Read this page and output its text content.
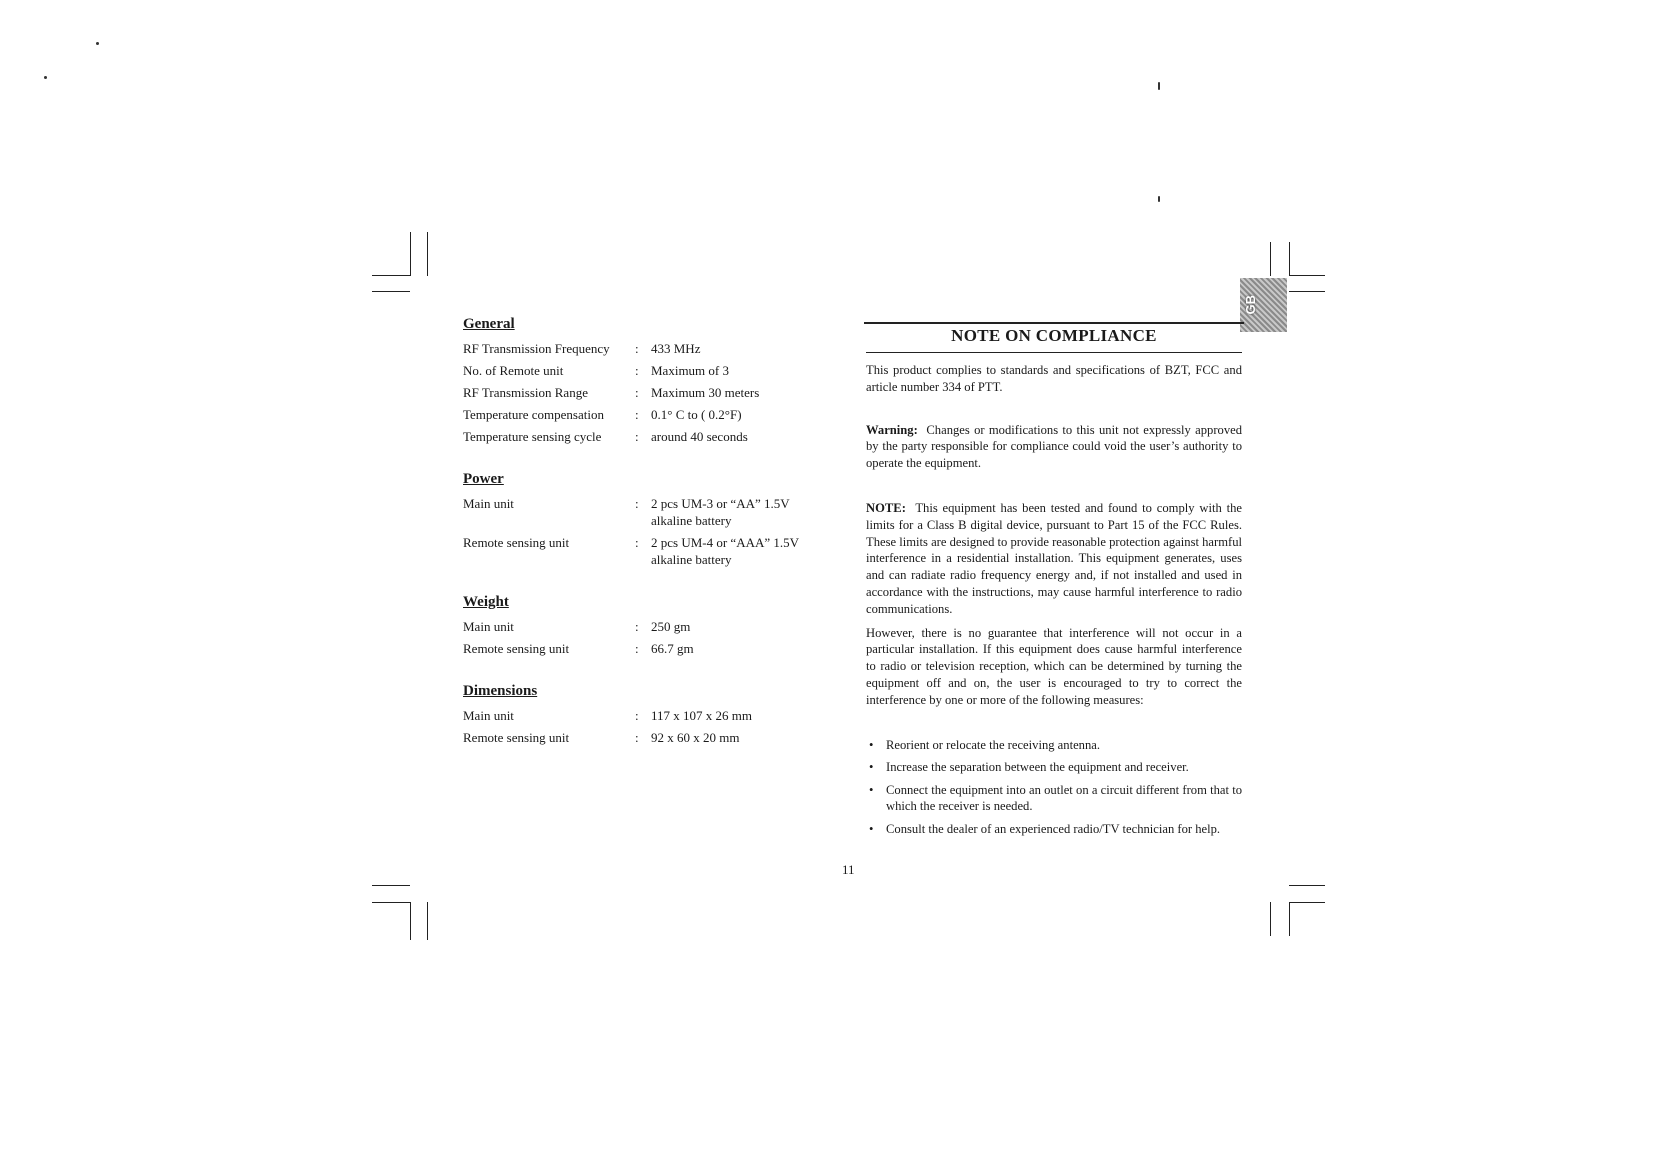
GB
General
RF Transmission Frequency	: 433 MHz
No. of Remote unit	: Maximum of 3
RF Transmission Range	: Maximum 30 meters
Temperature compensation	: 0.1° C to ( 0.2°F)
Temperature sensing cycle	: around 40 seconds
Power
Main unit	: 2 pcs UM-3 or “AA” 1.5V
alkaline battery
Remote sensing unit	: 2 pcs UM-4 or “AAA” 1.5V
alkaline battery
Weight
Main unit	: 250 gm
Remote sensing unit	: 66.7 gm
Dimensions
Main unit	: 117 x 107 x 26 mm
Remote sensing unit	: 92 x 60 x 20 mm
NOTE ON COMPLIANCE

This product complies to standards and specifications of BZT, FCC and article number 334 of PTT.

Warning: Changes or modifications to this unit not expressly approved by the party responsible for compliance could void the user’s authority to operate the equipment.

NOTE: This equipment has been tested and found to comply with the limits for a Class B digital device, pursuant to Part 15 of the FCC Rules. These limits are designed to provide reasonable protection against harmful interference in a residential installation. This equipment generates, uses and can radiate radio frequency energy and, if not installed and used in accordance with the instructions, may cause harmful interference to radio communications.

However, there is no guarantee that interference will not occur in a particular installation. If this equipment does cause harmful interference to radio or television reception, which can be determined by turning the equipment off and on, the user is encouraged to try to correct the interference by one or more of the following measures:

• Reorient or relocate the receiving antenna.
• Increase the separation between the equipment and receiver.
• Connect the equipment into an outlet on a circuit different from that to which the receiver is needed.
• Consult the dealer of an experienced radio/TV technician for help.
11
